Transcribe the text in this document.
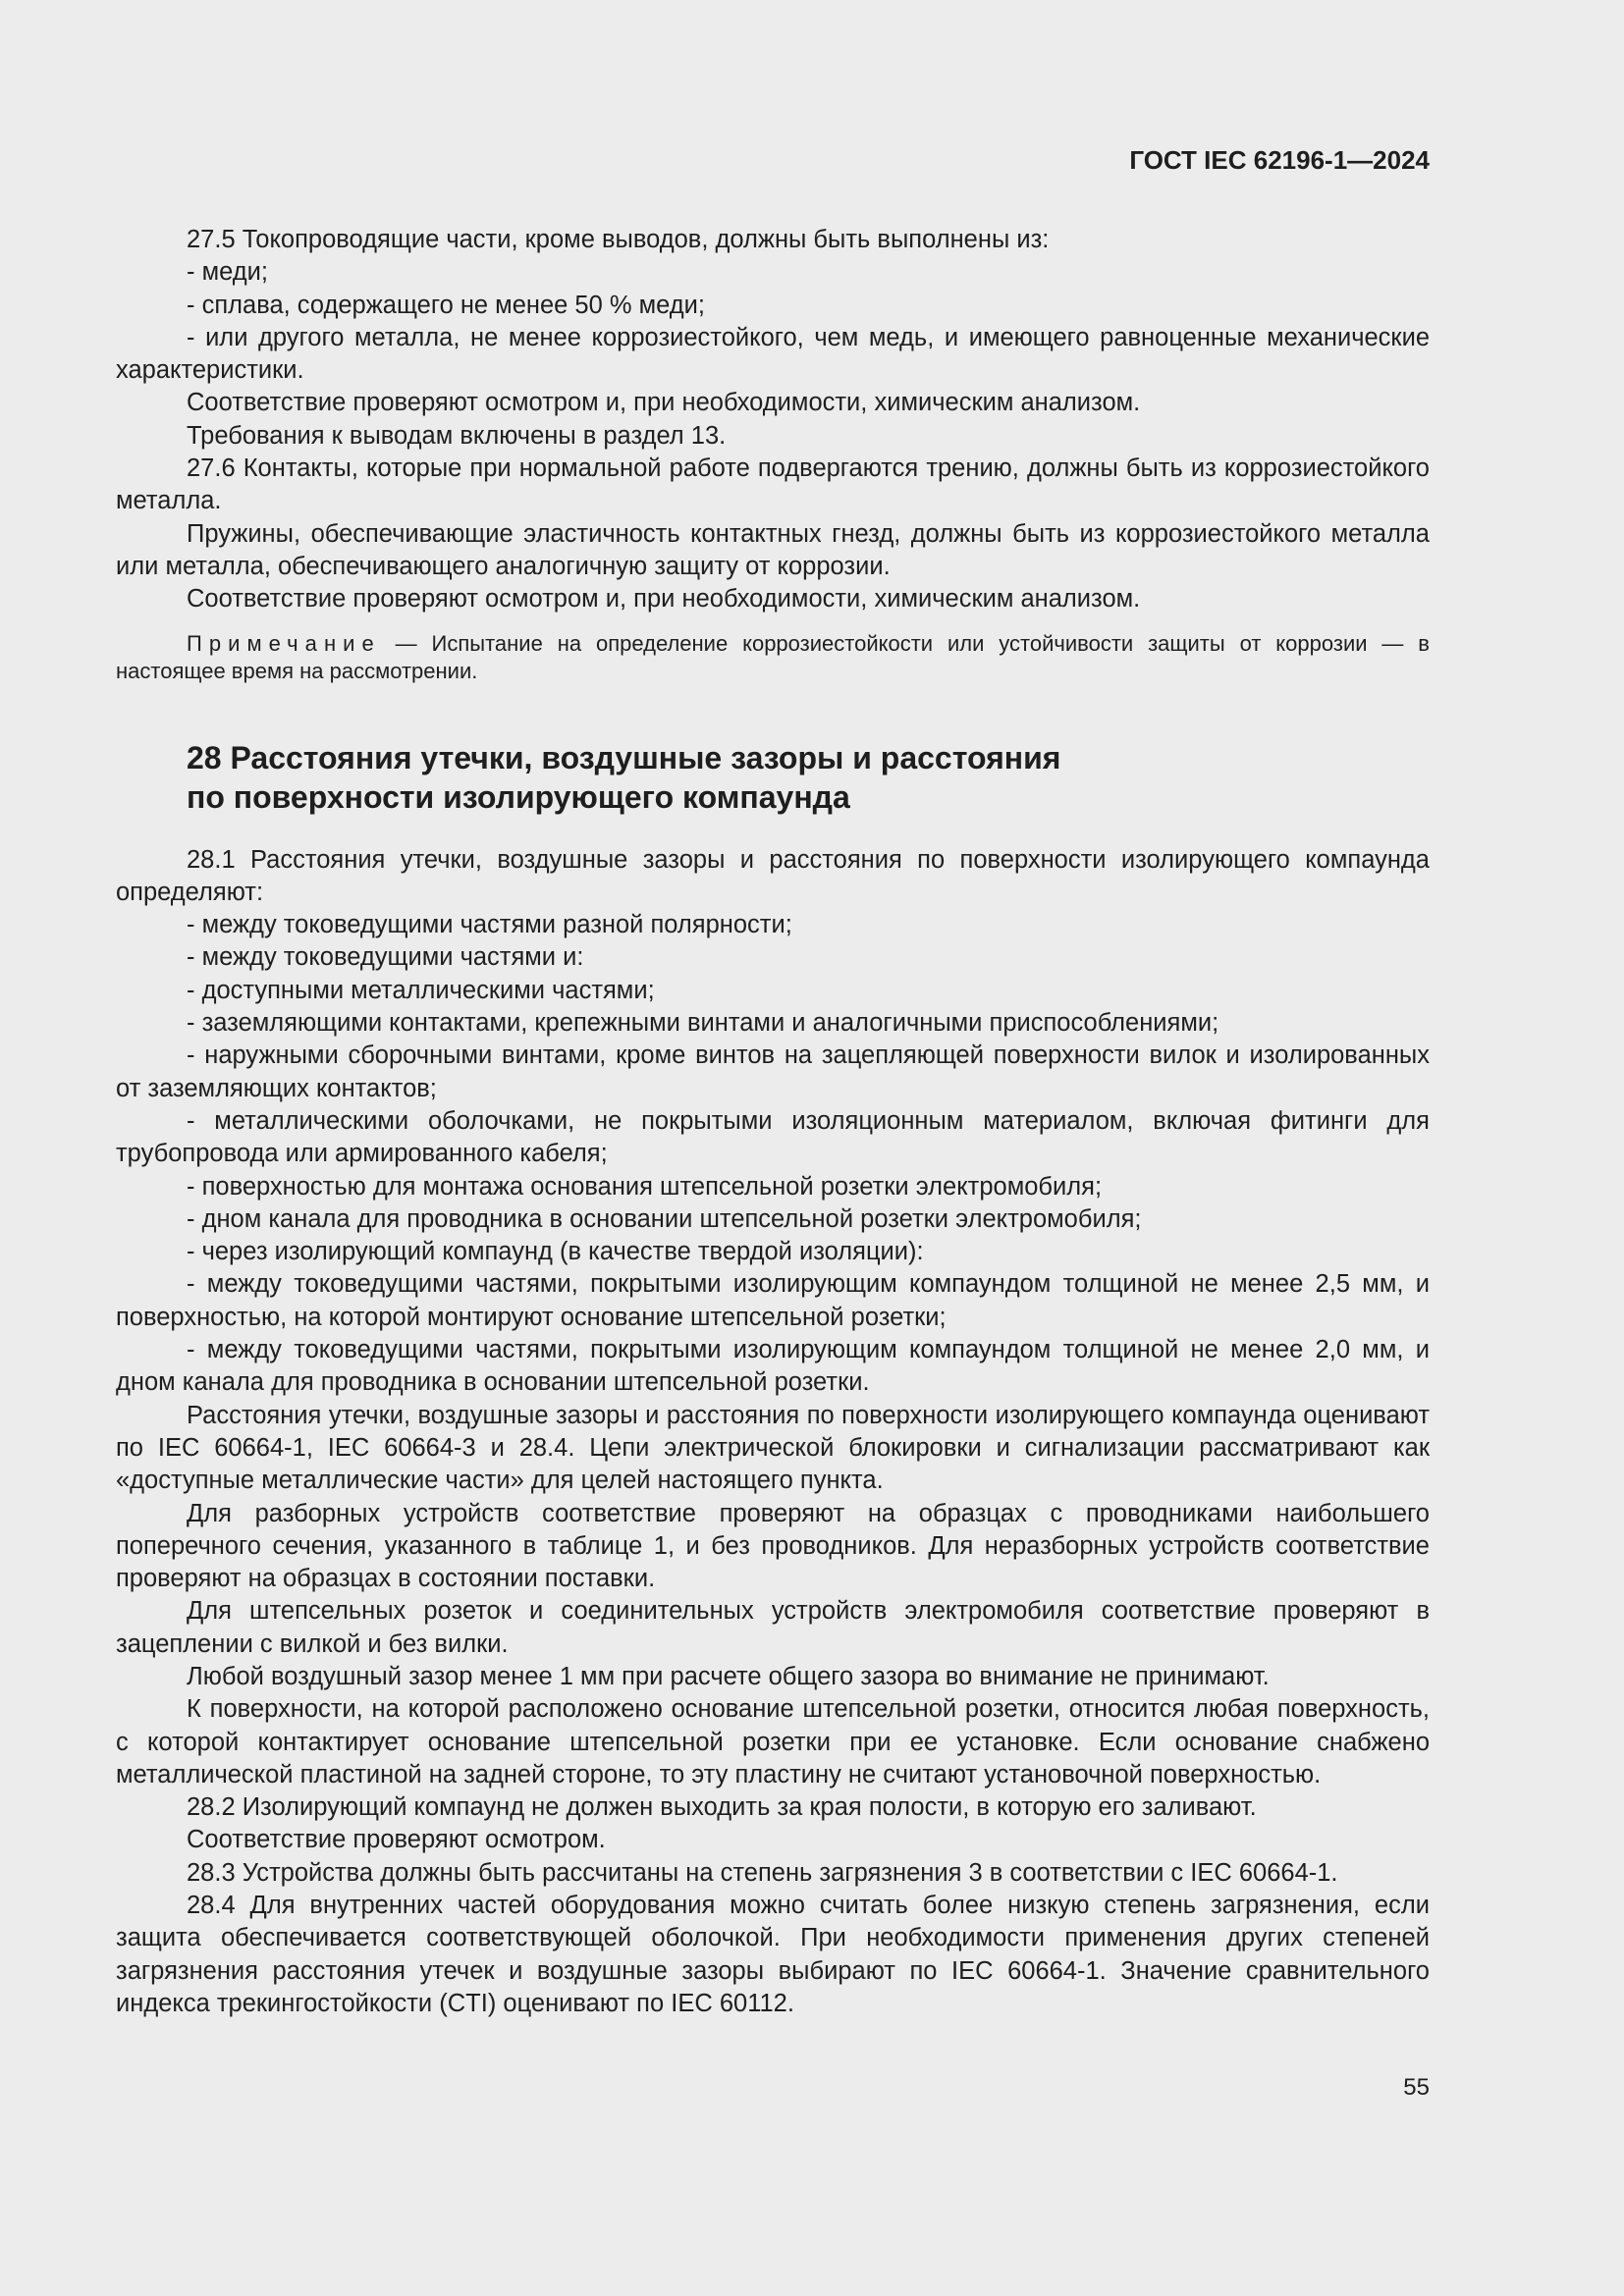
ГОСТ IEC 62196-1—2024

27.5 Токопроводящие части, кроме выводов, должны быть выполнены из:

- меди;

- сплава, содержащего не менее 50 % меди;

- или другого металла, не менее коррозиестойкого, чем медь, и имеющего равноценные механические характеристики.

Соответствие проверяют осмотром и, при необходимости, химическим анализом.

Требования к выводам включены в раздел 13.

27.6 Контакты, которые при нормальной работе подвергаются трению, должны быть из коррозиестойкого металла.

Пружины, обеспечивающие эластичность контактных гнезд, должны быть из коррозиестойкого металла или металла, обеспечивающего аналогичную защиту от коррозии.

Соответствие проверяют осмотром и, при необходимости, химическим анализом.

Примечание — Испытание на определение коррозиестойкости или устойчивости защиты от коррозии — в настоящее время на рассмотрении.

28 Расстояния утечки, воздушные зазоры и расстояния
по поверхности изолирующего компаунда

28.1 Расстояния утечки, воздушные зазоры и расстояния по поверхности изолирующего компаунда определяют:

- между токоведущими частями разной полярности;

- между токоведущими частями и:

- доступными металлическими частями;

- заземляющими контактами, крепежными винтами и аналогичными приспособлениями;

- наружными сборочными винтами, кроме винтов на зацепляющей поверхности вилок и изолированных от заземляющих контактов;

- металлическими оболочками, не покрытыми изоляционным материалом, включая фитинги для трубопровода или армированного кабеля;

- поверхностью для монтажа основания штепсельной розетки электромобиля;

- дном канала для проводника в основании штепсельной розетки электромобиля;

- через изолирующий компаунд (в качестве твердой изоляции):

- между токоведущими частями, покрытыми изолирующим компаундом толщиной не менее 2,5 мм, и поверхностью, на которой монтируют основание штепсельной розетки;

- между токоведущими частями, покрытыми изолирующим компаундом толщиной не менее 2,0 мм, и дном канала для проводника в основании штепсельной розетки.

Расстояния утечки, воздушные зазоры и расстояния по поверхности изолирующего компаунда оценивают по IEC 60664-1, IEC 60664-3 и 28.4. Цепи электрической блокировки и сигнализации рассматривают как «доступные металлические части» для целей настоящего пункта.

Для разборных устройств соответствие проверяют на образцах с проводниками наибольшего поперечного сечения, указанного в таблице 1, и без проводников. Для неразборных устройств соответствие проверяют на образцах в состоянии поставки.

Для штепсельных розеток и соединительных устройств электромобиля соответствие проверяют в зацеплении с вилкой и без вилки.

Любой воздушный зазор менее 1 мм при расчете общего зазора во внимание не принимают.

К поверхности, на которой расположено основание штепсельной розетки, относится любая поверхность, с которой контактирует основание штепсельной розетки при ее установке. Если основание снабжено металлической пластиной на задней стороне, то эту пластину не считают установочной поверхностью.

28.2 Изолирующий компаунд не должен выходить за края полости, в которую его заливают.

Соответствие проверяют осмотром.

28.3 Устройства должны быть рассчитаны на степень загрязнения 3 в соответствии с IEC 60664-1.

28.4 Для внутренних частей оборудования можно считать более низкую степень загрязнения, если защита обеспечивается соответствующей оболочкой. При необходимости применения других степеней загрязнения расстояния утечек и воздушные зазоры выбирают по IEC 60664-1. Значение сравнительного индекса трекингостойкости (CTI) оценивают по IEC 60112.

55
